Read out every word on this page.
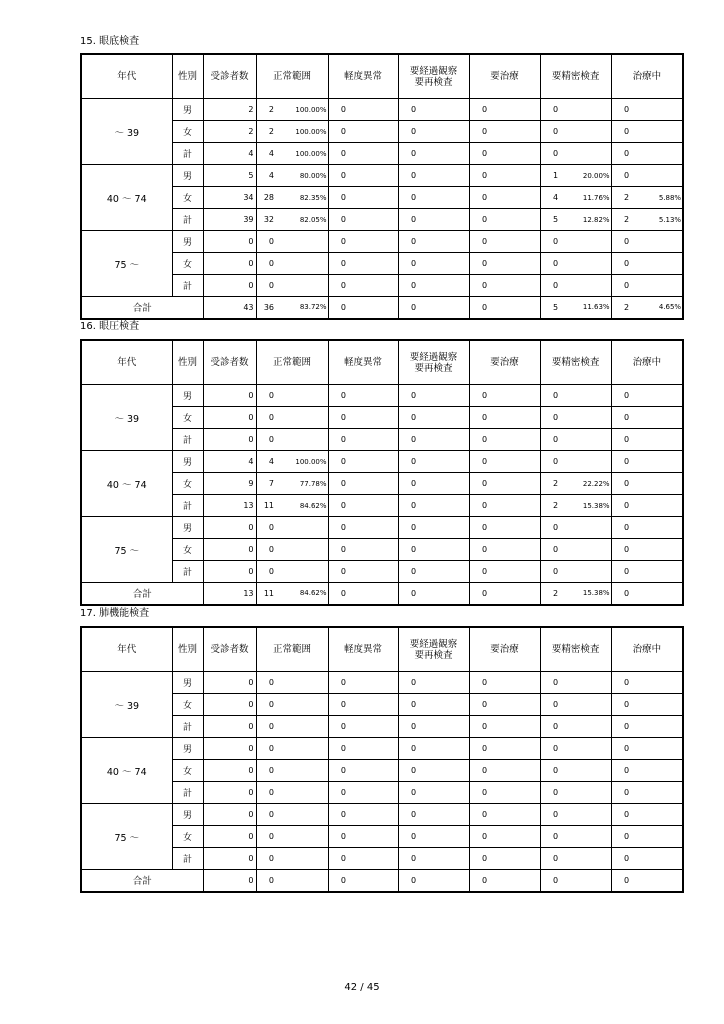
15. 眼底検査
年代	性別	受診者数	正常範囲		軽度異常		要経過観察
要再検査		要治療		要精密検査		治療中	
～ 39	男	2	2	100.00%	0		0		0		0		0	
	女	2	2	100.00%	0		0		0		0		0	
	計	4	4	100.00%	0		0		0		0		0	
40 ～ 74	男	5	4	80.00%	0		0		0		1	20.00%	0	
	女	34	28	82.35%	0		0		0		4	11.76%	2	5.88%
	計	39	32	82.05%	0		0		0		5	12.82%	2	5.13%
75 ～	男	0	0		0		0		0		0		0	
	女	0	0		0		0		0		0		0	
	計	0	0		0		0		0		0		0	
合計		43	36	83.72%	0		0		0		5	11.63%	2	4.65%
16. 眼圧検査
年代	性別	受診者数	正常範囲		軽度異常		要経過観察
要再検査		要治療		要精密検査		治療中	
～ 39	男	0	0		0		0		0		0		0	
	女	0	0		0		0		0		0		0	
	計	0	0		0		0		0		0		0	
40 ～ 74	男	4	4	100.00%	0		0		0		0		0	
	女	9	7	77.78%	0		0		0		2	22.22%	0	
	計	13	11	84.62%	0		0		0		2	15.38%	0	
75 ～	男	0	0		0		0		0		0		0	
	女	0	0		0		0		0		0		0	
	計	0	0		0		0		0		0		0	
合計		13	11	84.62%	0		0		0		2	15.38%	0	
17. 肺機能検査
年代	性別	受診者数	正常範囲		軽度異常		要経過観察
要再検査		要治療		要精密検査		治療中	
～ 39	男	0	0		0		0		0		0		0	
	女	0	0		0		0		0		0		0	
	計	0	0		0		0		0		0		0	
40 ～ 74	男	0	0		0		0		0		0		0	
	女	0	0		0		0		0		0		0	
	計	0	0		0		0		0		0		0	
75 ～	男	0	0		0		0		0		0		0	
	女	0	0		0		0		0		0		0	
	計	0	0		0		0		0		0		0	
合計		0	0		0		0		0		0		0	
42 / 45
